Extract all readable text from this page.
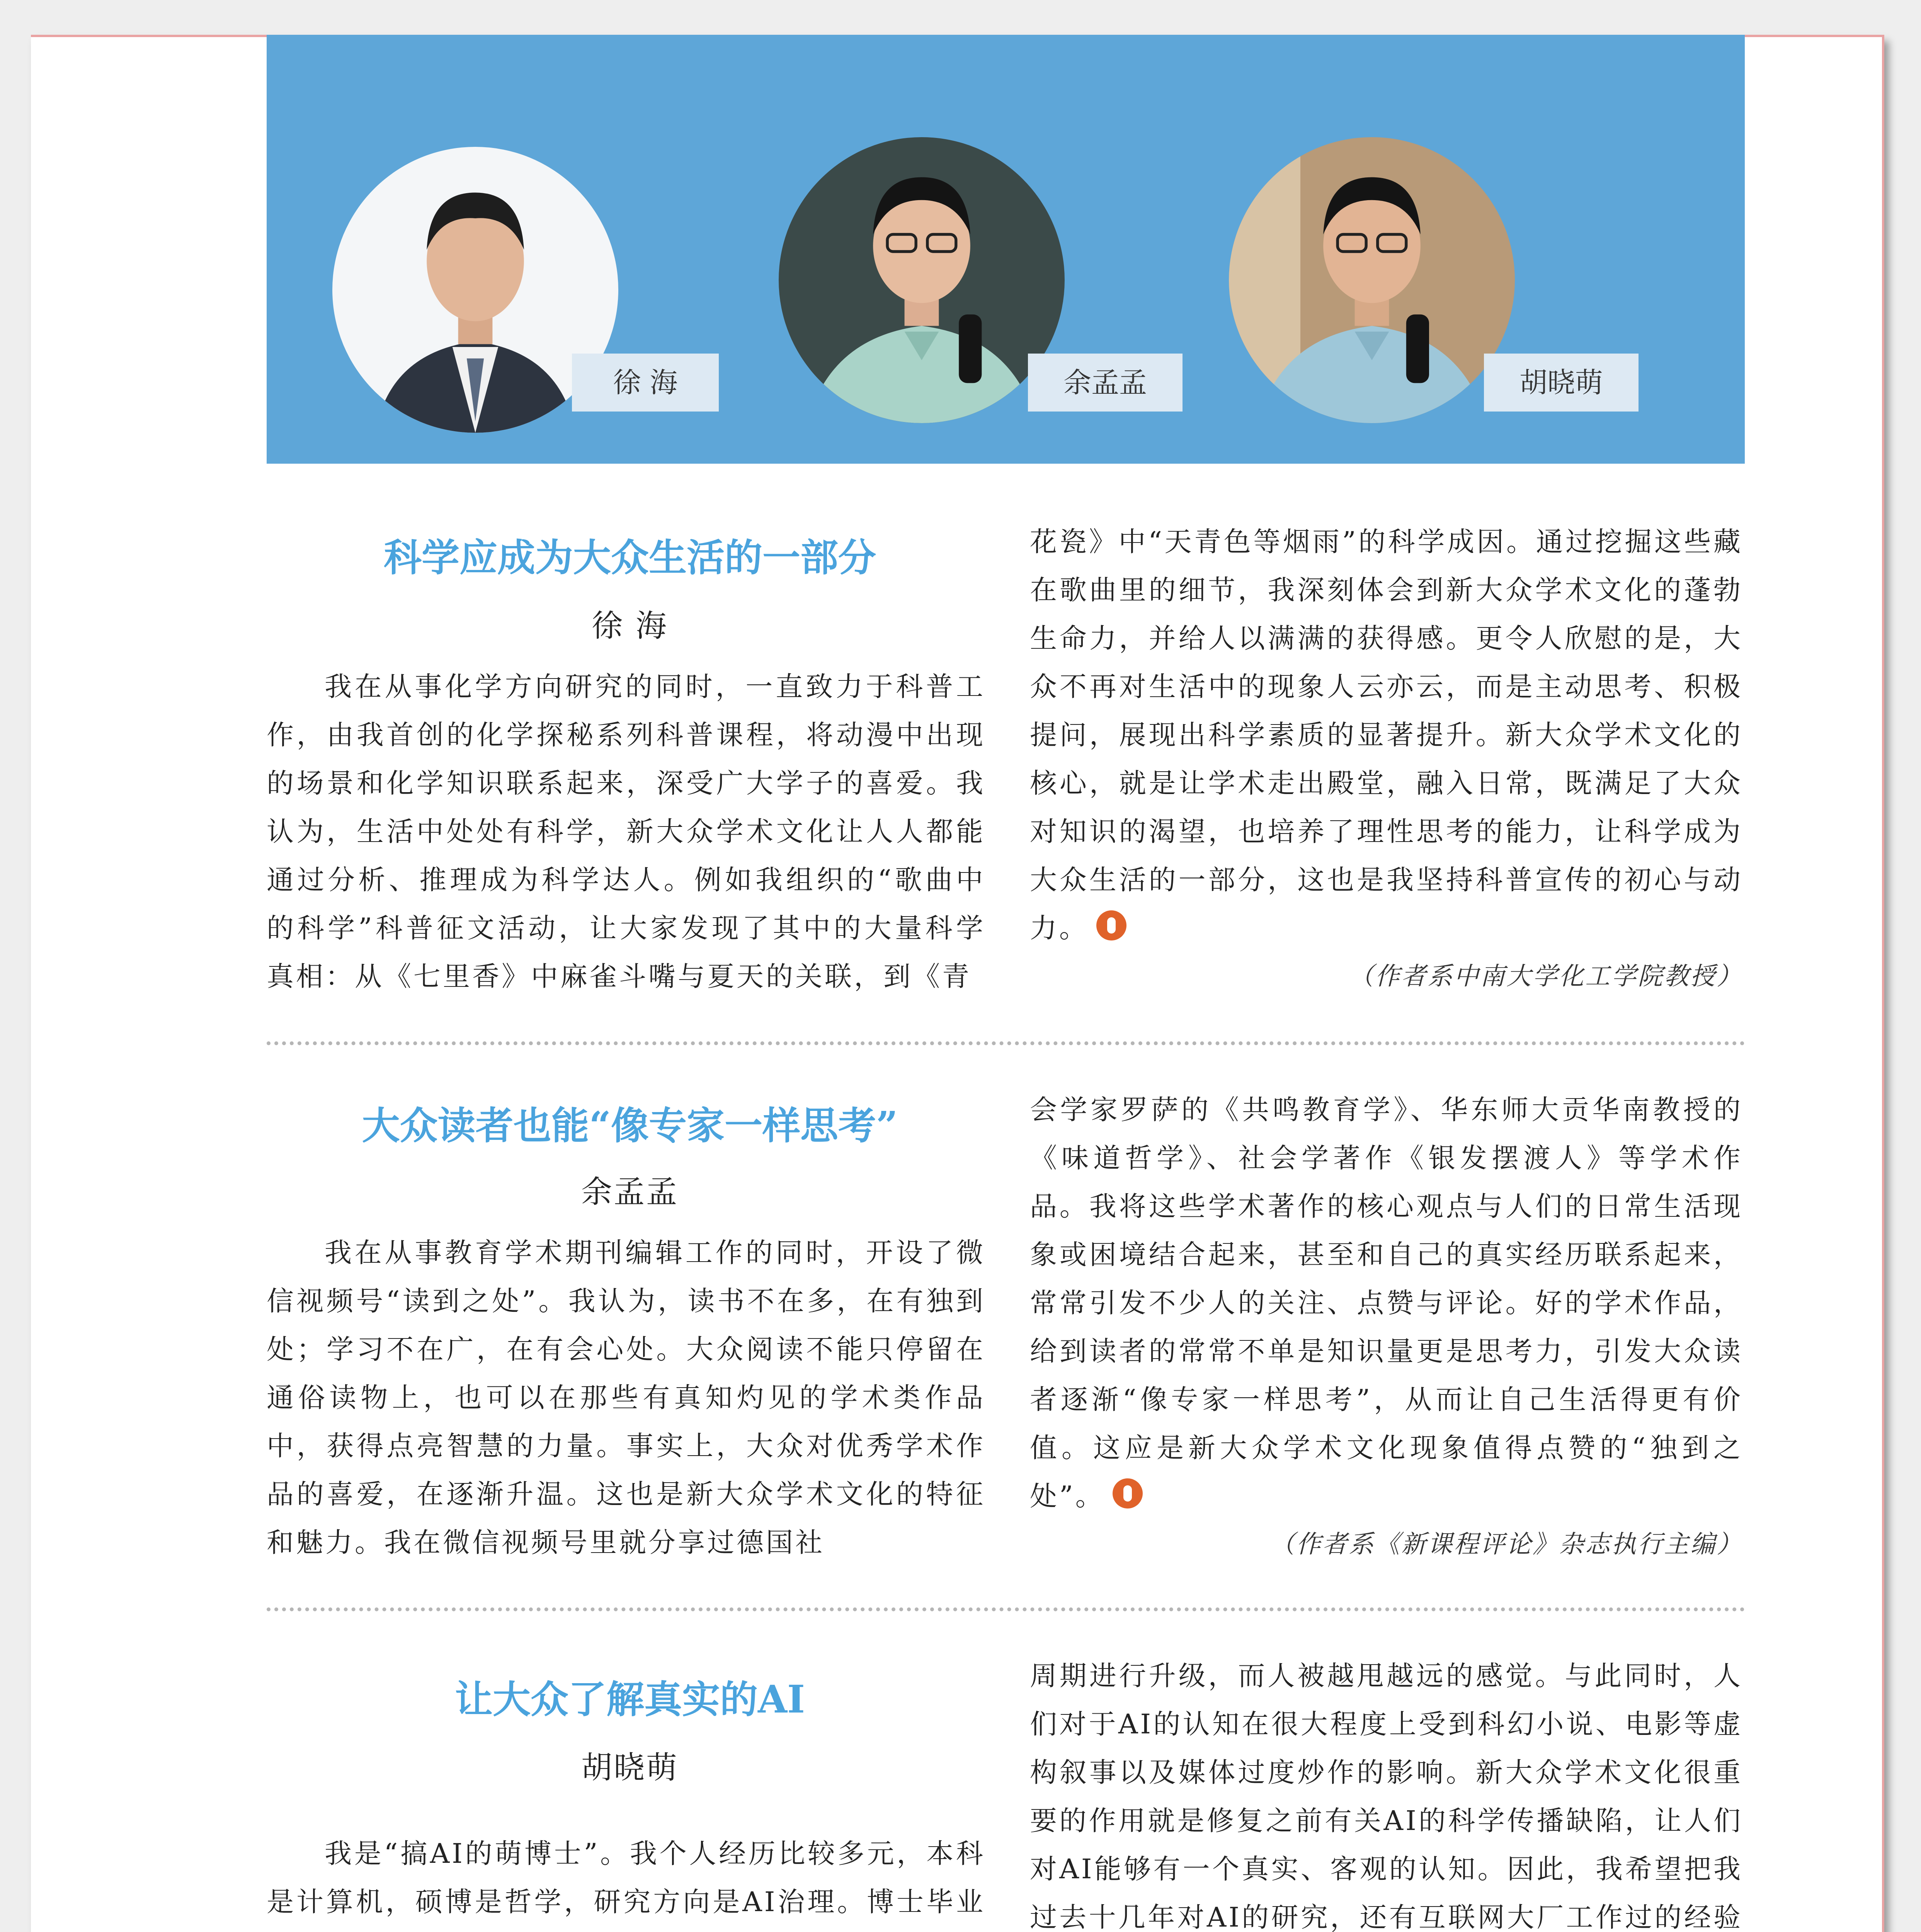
徐 海	余孟孟	胡晓萌
科学应成为大众生活的一部分
徐 海

我在从事化学方向研究的同时，一直致力于科普工作，由我首创的化学探秘系列科普课程，将动漫中出现的场景和化学知识联系起来，深受广大学子的喜爱。我认为，生活中处处有科学，新大众学术文化让人人都能通过分析、推理成为科学达人。例如我组织的“歌曲中的科学”科普征文活动，让大家发现了其中的大量科学真相：从《七里香》中麻雀斗嘴与夏天的关联，到《青

花瓷》中“天青色等烟雨”的科学成因。通过挖掘这些藏在歌曲里的细节，我深刻体会到新大众学术文化的蓬勃生命力，并给人以满满的获得感。更令人欣慰的是，大众不再对生活中的现象人云亦云，而是主动思考、积极提问，展现出科学素质的显著提升。新大众学术文化的核心，就是让学术走出殿堂，融入日常，既满足了大众对知识的渴望，也培养了理性思考的能力，让科学成为大众生活的一部分，这也是我坚持科普宣传的初心与动力。

（作者系中南大学化工学院教授）
大众读者也能“像专家一样思考”
余孟孟

我在从事教育学术期刊编辑工作的同时，开设了微信视频号“读到之处”。我认为，读书不在多，在有独到处；学习不在广，在有会心处。大众阅读不能只停留在通俗读物上，也可以在那些有真知灼见的学术类作品中，获得点亮智慧的力量。事实上，大众对优秀学术作品的喜爱，在逐渐升温。这也是新大众学术文化的特征和魅力。我在微信视频号里就分享过德国社

会学家罗萨的《共鸣教育学》、华东师大贡华南教授的《味道哲学》、社会学著作《银发摆渡人》等学术作品。我将这些学术著作的核心观点与人们的日常生活现象或困境结合起来，甚至和自己的真实经历联系起来，常常引发不少人的关注、点赞与评论。好的学术作品，给到读者的常常不单是知识量更是思考力，引发大众读者逐渐“像专家一样思考”，从而让自己生活得更有价值。这应是新大众学术文化现象值得点赞的“独到之处”。

（作者系《新课程评论》杂志执行主编）
让大众了解真实的AI
胡晓萌

我是“搞AI的萌博士”。我个人经历比较多元，本科是计算机，硕博是哲学，研究方向是AI治理。博士毕业

周期进行升级，而人被越甩越远的感觉。与此同时，人们对于AI的认知在很大程度上受到科幻小说、电影等虚构叙事以及媒体过度炒作的影响。新大众学术文化很重要的作用就是修复之前有关AI的科学传播缺陷，让人们对AI能够有一个真实、客观的认知。因此，我希望把我过去十几年对AI的研究，还有互联网大厂工作过的经验
